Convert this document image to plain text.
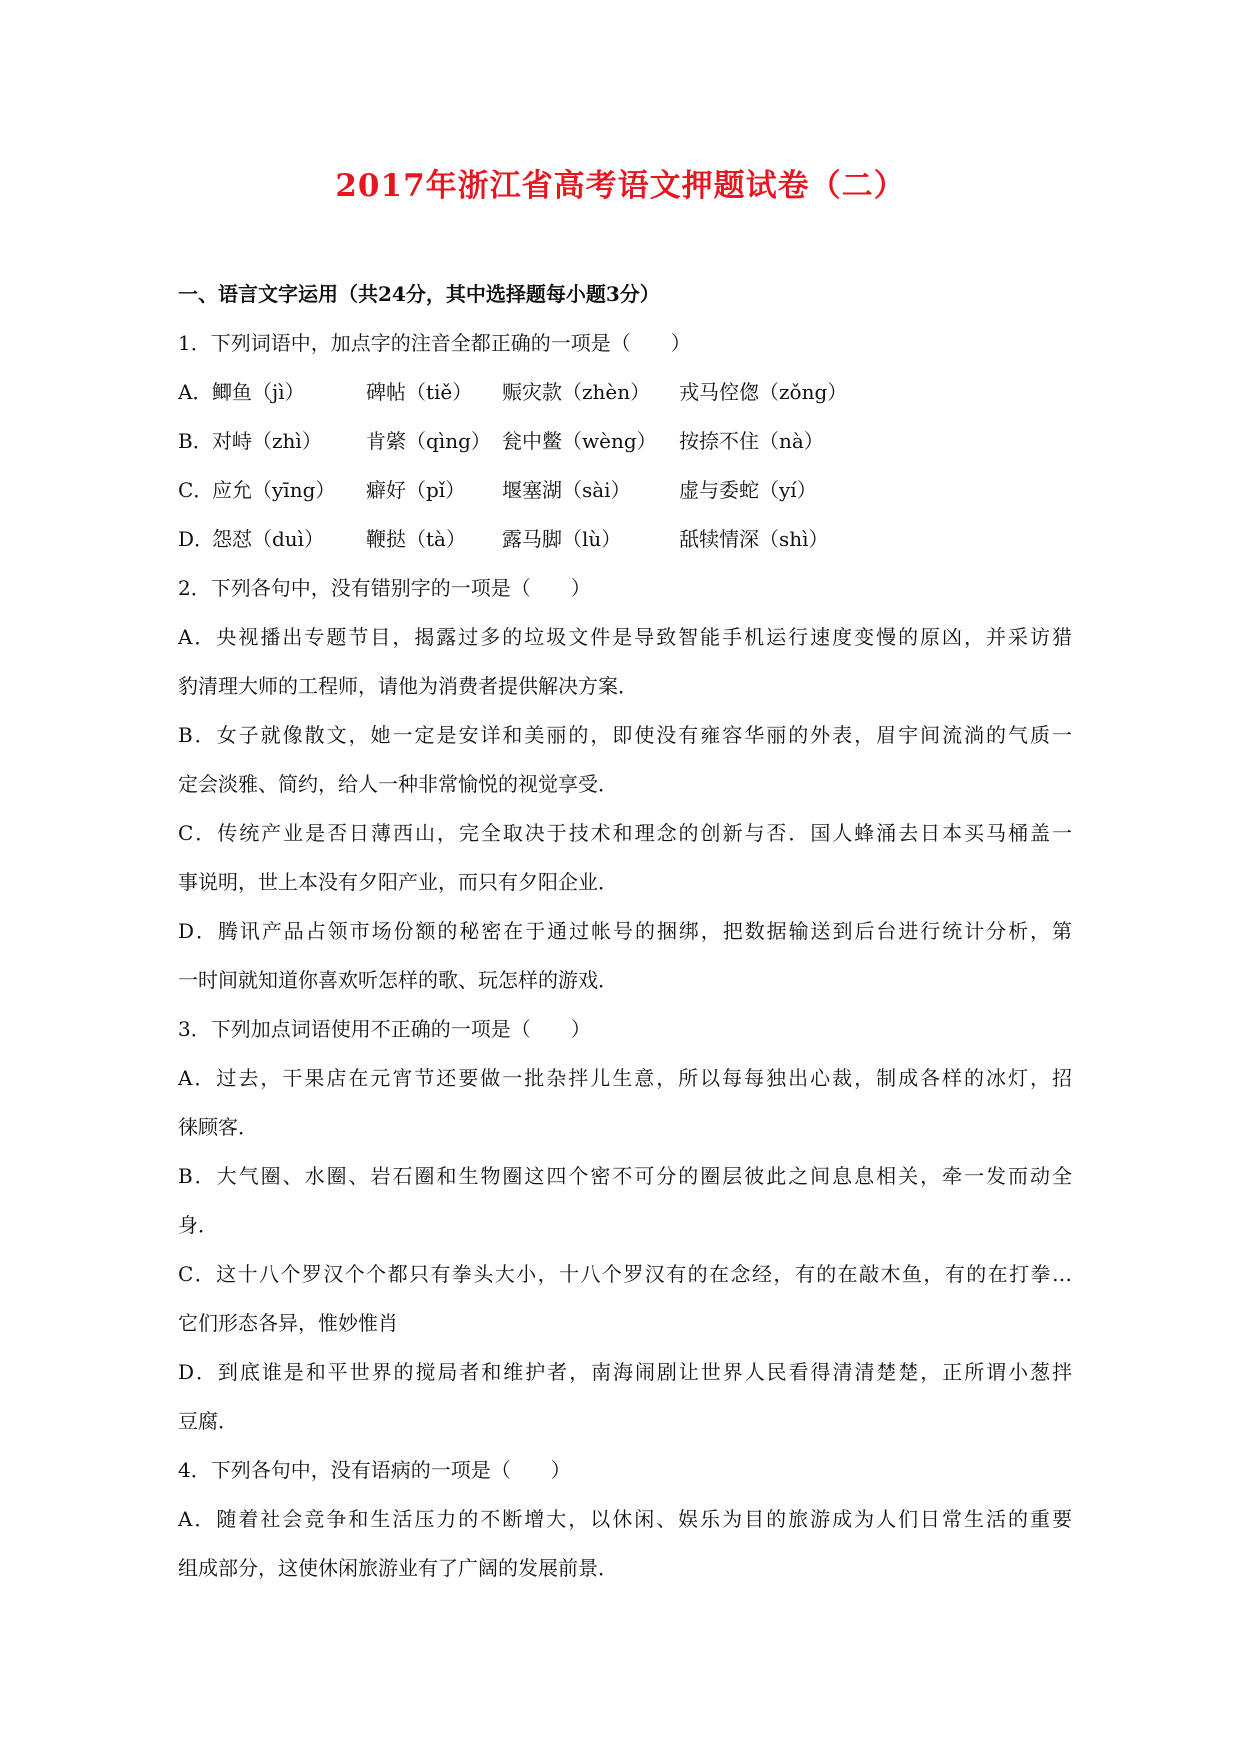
2017年浙江省高考语文押题试卷（二）
一、语言文字运用（共24分，其中选择题每小题3分）
1．下列词语中，加点字的注音全都正确的一项是（　　）
A． 鲫鱼（jì）	碑帖（tiě）	赈灾款（zhèn）	戎马倥偬（zǒng）
B． 对峙（zhì）	肯綮（qìng） 瓮中鳖（wèng）	按捺不住（nà）
C．
应允（yīng）	癖好（pǐ）	堰塞湖（sài）	虚与委蛇（yí）
D．
怨怼（duì）	鞭挞（tà）	露马脚（lù）	舐犊情深（shì）
2．下列各句中，没有错别字的一项是（　　）
A．央视播出专题节目，揭露过多的垃圾文件是导致智能手机运行速度变慢的原凶，并采访猎
豹清理大师的工程师，请他为消费者提供解决方案．
B．女子就像散文，她一定是安详和美丽的，即使没有雍容华丽的外表，眉宇间流淌的气质一
定会淡雅、简约，给人一种非常愉悦的视觉享受．
C．传统产业是否日薄西山，完全取决于技术和理念的创新与否．国人蜂涌去日本买马桶盖一
事说明，世上本没有夕阳产业，而只有夕阳企业．
D．腾讯产品占领市场份额的秘密在于通过帐号的捆绑，把数据输送到后台进行统计分析，第
一时间就知道你喜欢听怎样的歌、玩怎样的游戏．
3．下列加点词语使用不正确的一项是（　　）
A．过去，干果店在元宵节还要做一批杂拌儿生意，所以每每独出心裁，制成各样的冰灯，招
徕顾客．
B．大气圈、水圈、岩石圈和生物圈这四个密不可分的圈层彼此之间息息相关，牵一发而动全
身．
C．这十八个罗汉个个都只有拳头大小，十八个罗汉有的在念经，有的在敲木鱼，有的在打拳…
它们形态各异，惟妙惟肖
D．到底谁是和平世界的搅局者和维护者，南海闹剧让世界人民看得清清楚楚，正所谓小葱拌
豆腐．
4．下列各句中，没有语病的一项是（　　）
A．随着社会竞争和生活压力的不断增大，以休闲、娱乐为目的旅游成为人们日常生活的重要
组成部分，这使休闲旅游业有了广阔的发展前景．
